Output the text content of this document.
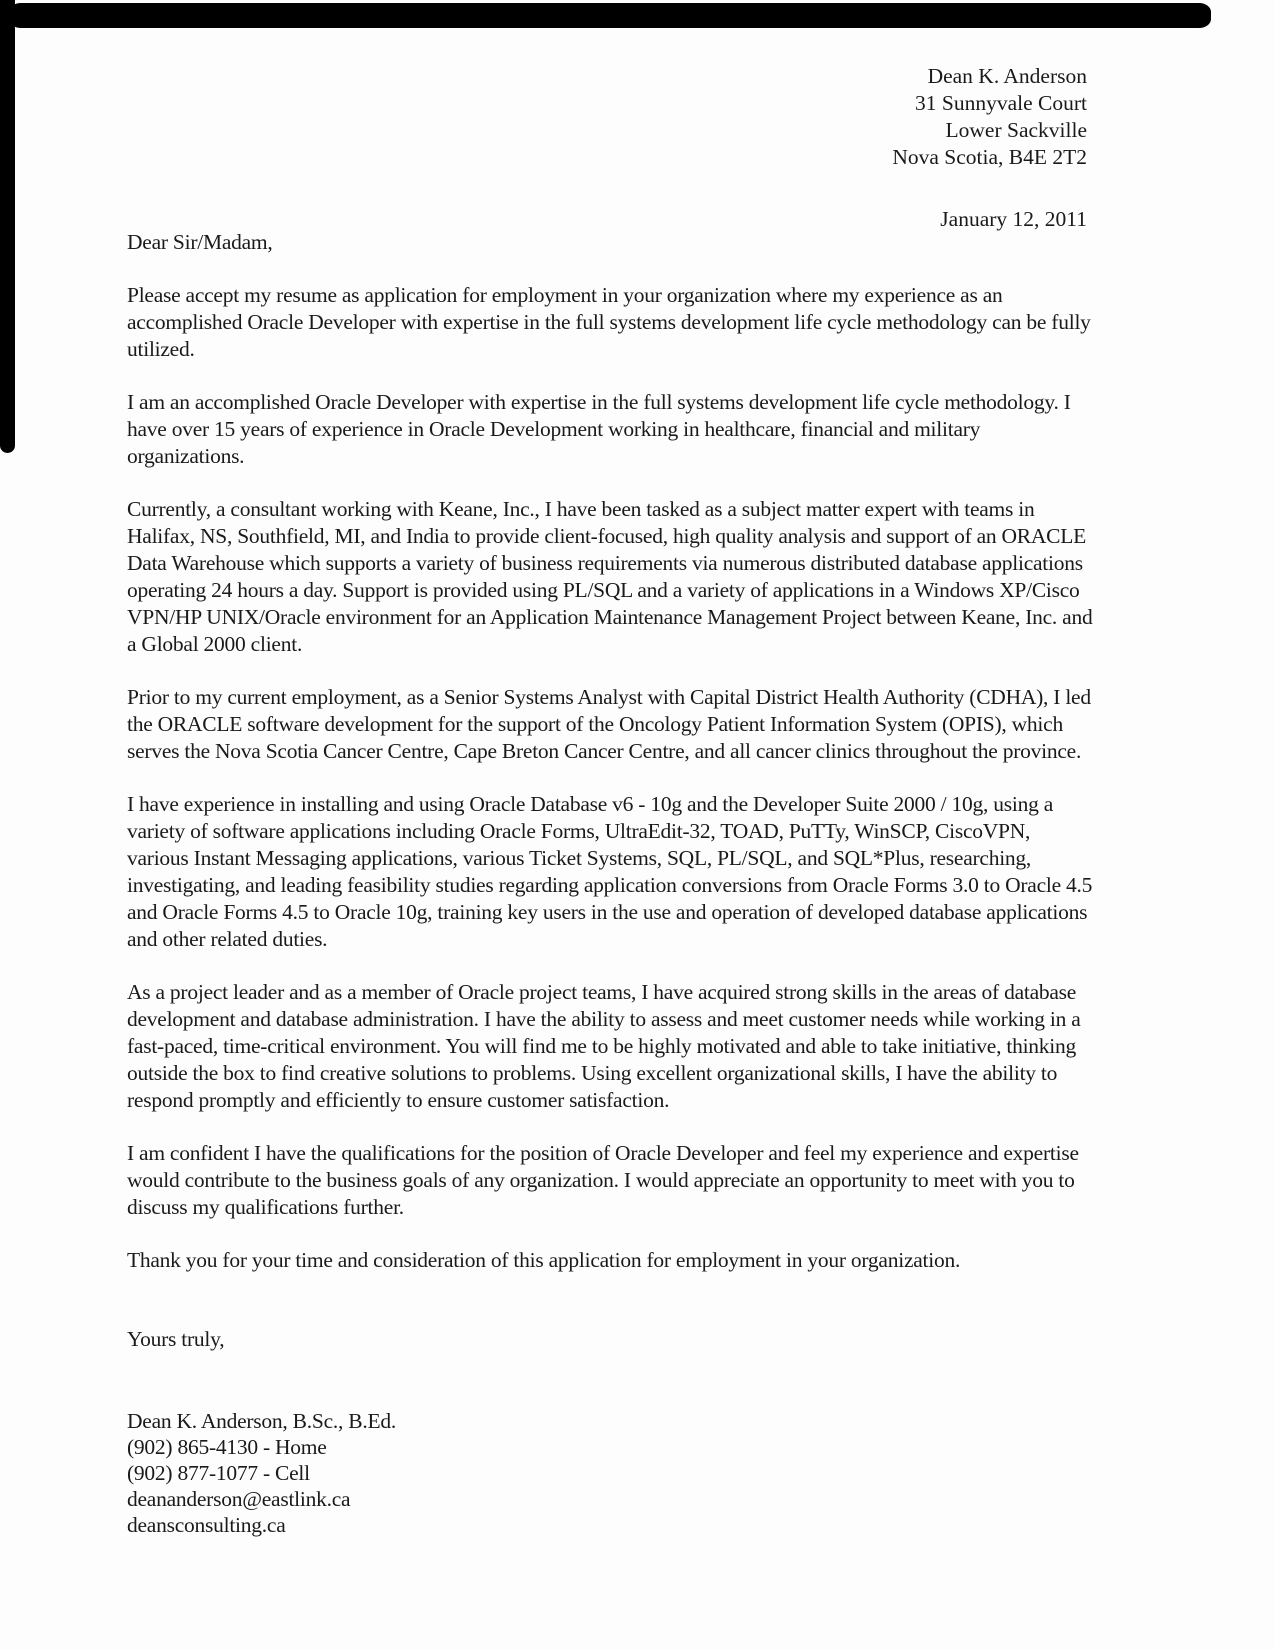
Dean K. Anderson
31 Sunnyvale Court
Lower Sackville
Nova Scotia, B4E 2T2
January 12, 2011

Dear Sir/Madam,

Please accept my resume as application for employment in your organization where my experience as an accomplished Oracle Developer with expertise in the full systems development life cycle methodology can be fully utilized.

I am an accomplished Oracle Developer with expertise in the full systems development life cycle methodology. I have over 15 years of experience in Oracle Development working in healthcare, financial and military organizations.

Currently, a consultant working with Keane, Inc., I have been tasked as a subject matter expert with teams in Halifax, NS, Southfield, MI, and India to provide client-focused, high quality analysis and support of an ORACLE Data Warehouse which supports a variety of business requirements via numerous distributed database applications operating 24 hours a day. Support is provided using PL/SQL and a variety of applications in a Windows XP/Cisco VPN/HP UNIX/Oracle environment for an Application Maintenance Management Project between Keane, Inc. and a Global 2000 client.

Prior to my current employment, as a Senior Systems Analyst with Capital District Health Authority (CDHA), I led the ORACLE software development for the support of the Oncology Patient Information System (OPIS), which serves the Nova Scotia Cancer Centre, Cape Breton Cancer Centre, and all cancer clinics throughout the province.

I have experience in installing and using Oracle Database v6 - 10g and the Developer Suite 2000 / 10g, using a variety of software applications including Oracle Forms, UltraEdit-32, TOAD, PuTTy, WinSCP, CiscoVPN, various Instant Messaging applications, various Ticket Systems, SQL, PL/SQL, and SQL*Plus, researching, investigating, and leading feasibility studies regarding application conversions from Oracle Forms 3.0 to Oracle 4.5 and Oracle Forms 4.5 to Oracle 10g, training key users in the use and operation of developed database applications and other related duties.

As a project leader and as a member of Oracle project teams, I have acquired strong skills in the areas of database development and database administration. I have the ability to assess and meet customer needs while working in a fast-paced, time-critical environment. You will find me to be highly motivated and able to take initiative, thinking outside the box to find creative solutions to problems. Using excellent organizational skills, I have the ability to respond promptly and efficiently to ensure customer satisfaction.

I am confident I have the qualifications for the position of Oracle Developer and feel my experience and expertise would contribute to the business goals of any organization. I would appreciate an opportunity to meet with you to discuss my qualifications further.

Thank you for your time and consideration of this application for employment in your organization.

Yours truly,

Dean K. Anderson, B.Sc., B.Ed.
(902) 865-4130 - Home
(902) 877-1077 - Cell
deananderson@eastlink.ca
deansconsulting.ca
